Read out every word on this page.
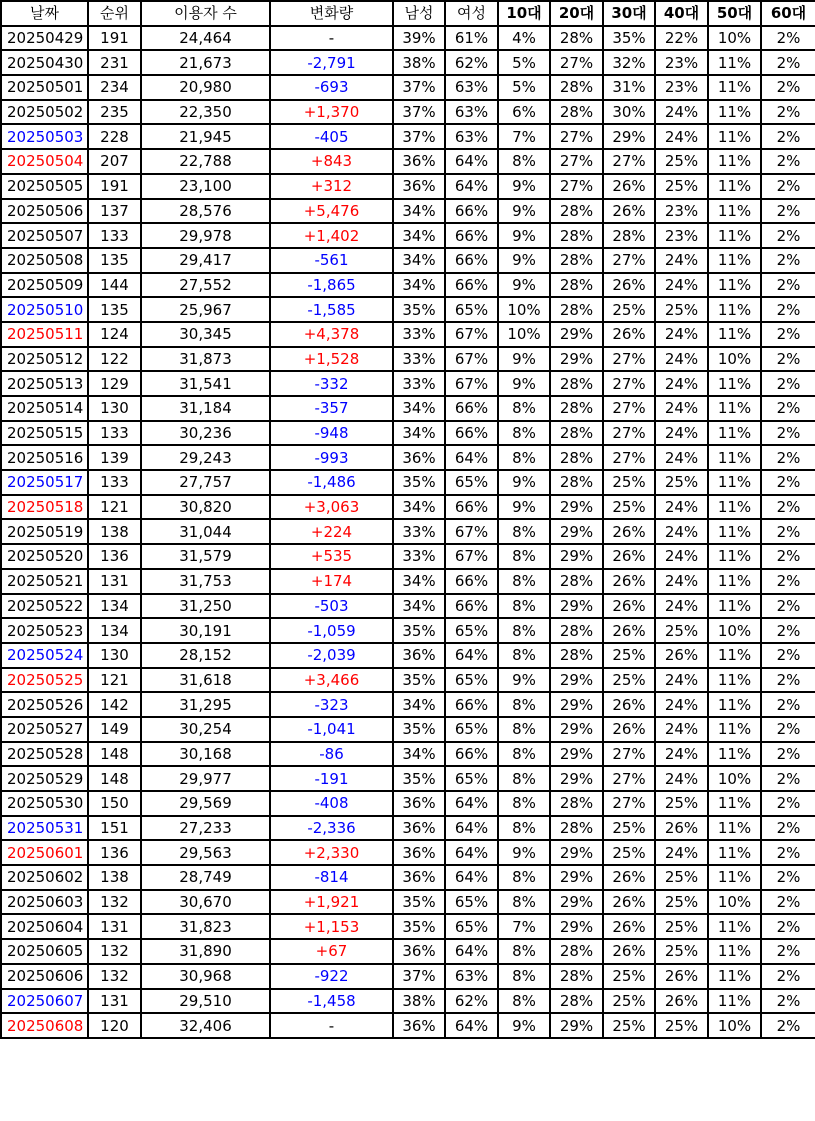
날짜	순위	이용자 수	변화량	남성	여성	10대	20대	30대	40대	50대	60대
20250429	191	24,464	-	39%	61%	4%	28%	35%	22%	10%	2%
20250430	231	21,673	-2,791	38%	62%	5%	27%	32%	23%	11%	2%
20250501	234	20,980	-693	37%	63%	5%	28%	31%	23%	11%	2%
20250502	235	22,350	+1,370	37%	63%	6%	28%	30%	24%	11%	2%
20250503	228	21,945	-405	37%	63%	7%	27%	29%	24%	11%	2%
20250504	207	22,788	+843	36%	64%	8%	27%	27%	25%	11%	2%
20250505	191	23,100	+312	36%	64%	9%	27%	26%	25%	11%	2%
20250506	137	28,576	+5,476	34%	66%	9%	28%	26%	23%	11%	2%
20250507	133	29,978	+1,402	34%	66%	9%	28%	28%	23%	11%	2%
20250508	135	29,417	-561	34%	66%	9%	28%	27%	24%	11%	2%
20250509	144	27,552	-1,865	34%	66%	9%	28%	26%	24%	11%	2%
20250510	135	25,967	-1,585	35%	65%	10%	28%	25%	25%	11%	2%
20250511	124	30,345	+4,378	33%	67%	10%	29%	26%	24%	11%	2%
20250512	122	31,873	+1,528	33%	67%	9%	29%	27%	24%	10%	2%
20250513	129	31,541	-332	33%	67%	9%	28%	27%	24%	11%	2%
20250514	130	31,184	-357	34%	66%	8%	28%	27%	24%	11%	2%
20250515	133	30,236	-948	34%	66%	8%	28%	27%	24%	11%	2%
20250516	139	29,243	-993	36%	64%	8%	28%	27%	24%	11%	2%
20250517	133	27,757	-1,486	35%	65%	9%	28%	25%	25%	11%	2%
20250518	121	30,820	+3,063	34%	66%	9%	29%	25%	24%	11%	2%
20250519	138	31,044	+224	33%	67%	8%	29%	26%	24%	11%	2%
20250520	136	31,579	+535	33%	67%	8%	29%	26%	24%	11%	2%
20250521	131	31,753	+174	34%	66%	8%	28%	26%	24%	11%	2%
20250522	134	31,250	-503	34%	66%	8%	29%	26%	24%	11%	2%
20250523	134	30,191	-1,059	35%	65%	8%	28%	26%	25%	10%	2%
20250524	130	28,152	-2,039	36%	64%	8%	28%	25%	26%	11%	2%
20250525	121	31,618	+3,466	35%	65%	9%	29%	25%	24%	11%	2%
20250526	142	31,295	-323	34%	66%	8%	29%	26%	24%	11%	2%
20250527	149	30,254	-1,041	35%	65%	8%	29%	26%	24%	11%	2%
20250528	148	30,168	-86	34%	66%	8%	29%	27%	24%	11%	2%
20250529	148	29,977	-191	35%	65%	8%	29%	27%	24%	10%	2%
20250530	150	29,569	-408	36%	64%	8%	28%	27%	25%	11%	2%
20250531	151	27,233	-2,336	36%	64%	8%	28%	25%	26%	11%	2%
20250601	136	29,563	+2,330	36%	64%	9%	29%	25%	24%	11%	2%
20250602	138	28,749	-814	36%	64%	8%	29%	26%	25%	11%	2%
20250603	132	30,670	+1,921	35%	65%	8%	29%	26%	25%	10%	2%
20250604	131	31,823	+1,153	35%	65%	7%	29%	26%	25%	11%	2%
20250605	132	31,890	+67	36%	64%	8%	28%	26%	25%	11%	2%
20250606	132	30,968	-922	37%	63%	8%	28%	25%	26%	11%	2%
20250607	131	29,510	-1,458	38%	62%	8%	28%	25%	26%	11%	2%
20250608	120	32,406	-	36%	64%	9%	29%	25%	25%	10%	2%
